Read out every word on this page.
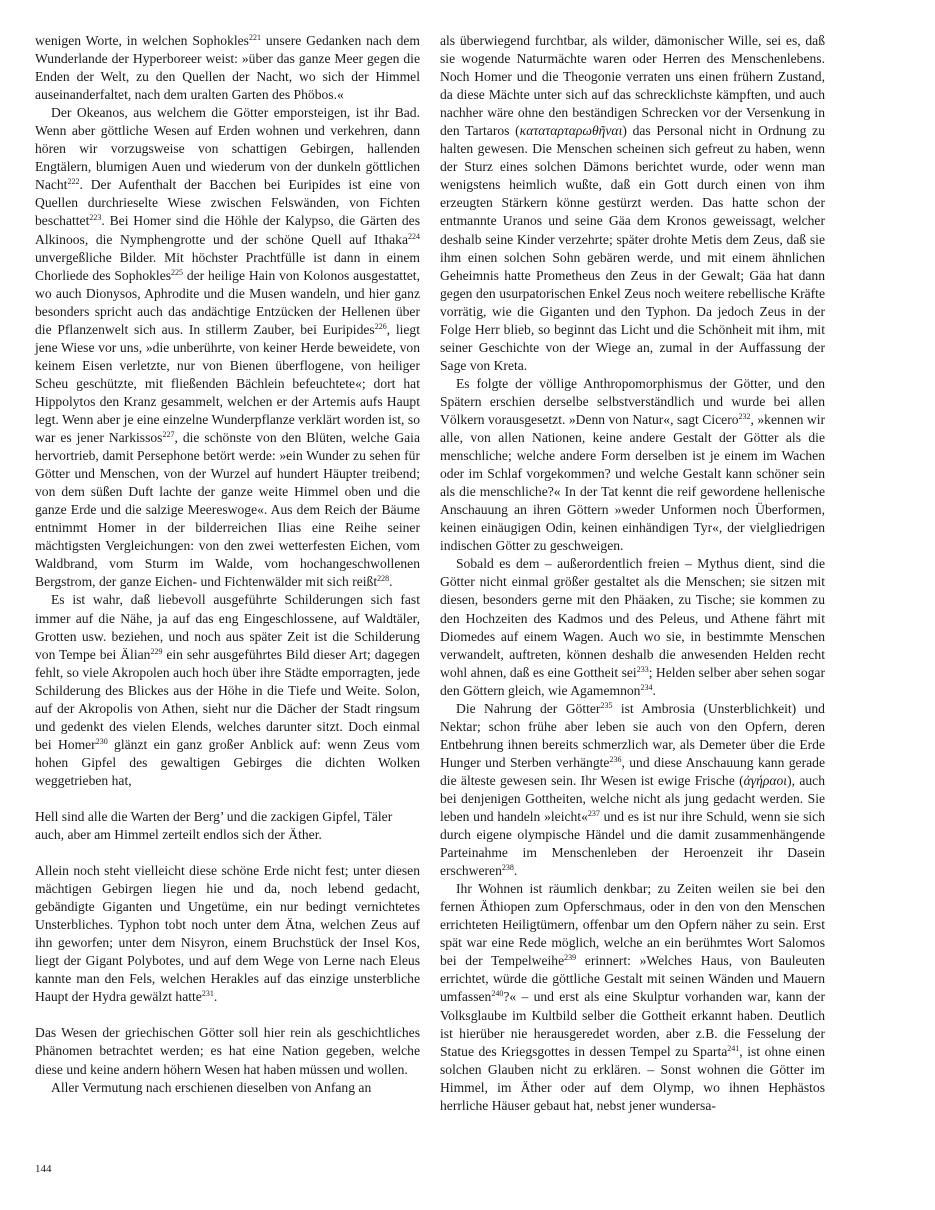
wenigen Worte, in welchen Sophokles$^{221}$ unsere Gedanken nach dem Wunderlande der Hyperboreer weist: »über das ganze Meer gegen die Enden der Welt, zu den Quellen der Nacht, wo sich der Himmel auseinanderfaltet, nach dem uralten Garten des Phöbos.«

Der Okeanos, aus welchem die Götter emporsteigen, ist ihr Bad. Wenn aber göttliche Wesen auf Erden wohnen und verkehren, dann hören wir vorzugsweise von schattigen Gebirgen, hallenden Engtälern, blumigen Auen und wiederum von der dunkeln göttlichen Nacht$^{222}$. Der Aufenthalt der Bacchen bei Euripides ist eine von Quellen durchrieselte Wiese zwischen Felswänden, von Fichten beschattet$^{223}$. Bei Homer sind die Höhle der Kalypso, die Gärten des Alkinoos, die Nymphengrotte und der schöne Quell auf Ithaka$^{224}$ unvergeßliche Bilder. Mit höchster Prachtfülle ist dann in einem Chorliede des Sophokles$^{225}$ der heilige Hain von Kolonos ausgestattet, wo auch Dionysos, Aphrodite und die Musen wandeln, und hier ganz besonders spricht auch das andächtige Entzücken der Hellenen über die Pflanzenwelt sich aus. In stillerm Zauber, bei Euripides$^{226}$, liegt jene Wiese vor uns, »die unberührte, von keiner Herde beweidete, von keinem Eisen verletzte, nur von Bienen überflogene, von heiliger Scheu geschützte, mit fließenden Bächlein befeuchtete«; dort hat Hippolytos den Kranz gesammelt, welchen er der Artemis aufs Haupt legt. Wenn aber je eine einzelne Wunderpflanze verklärt worden ist, so war es jener Narkissos$^{227}$, die schönste von den Blüten, welche Gaia hervortrieb, damit Persephone betört werde: »ein Wunder zu sehen für Götter und Menschen, von der Wurzel auf hundert Häupter treibend; von dem süßen Duft lachte der ganze weite Himmel oben und die ganze Erde und die salzige Meereswoge«. Aus dem Reich der Bäume entnimmt Homer in der bilderreichen Ilias eine Reihe seiner mächtigsten Vergleichungen: von den zwei wetterfesten Eichen, vom Waldbrand, vom Sturm im Walde, vom hochangeschwollenen Bergstrom, der ganze Eichen- und Fichtenwälder mit sich reißt$^{228}$.

Es ist wahr, daß liebevoll ausgeführte Schilderungen sich fast immer auf die Nähe, ja auf das eng Eingeschlossene, auf Waldtäler, Grotten usw. beziehen, und noch aus später Zeit ist die Schilderung von Tempe bei Älian$^{229}$ ein sehr ausgeführtes Bild dieser Art; dagegen fehlt, so viele Akropolen auch hoch über ihre Städte emporragten, jede Schilderung des Blickes aus der Höhe in die Tiefe und Weite. Solon, auf der Akropolis von Athen, sieht nur die Dächer der Stadt ringsum und gedenkt des vielen Elends, welches darunter sitzt. Doch einmal bei Homer$^{230}$ glänzt ein ganz großer Anblick auf: wenn Zeus vom hohen Gipfel des gewaltigen Gebirges die dichten Wolken weggetrieben hat,

Hell sind alle die Warten der Berg’ und die zackigen Gipfel, Täler auch, aber am Himmel zerteilt endlos sich der Äther.

Allein noch steht vielleicht diese schöne Erde nicht fest; unter diesen mächtigen Gebirgen liegen hie und da, noch lebend gedacht, gebändigte Giganten und Ungetüme, ein nur bedingt vernichtetes Unsterbliches. Typhon tobt noch unter dem Ätna, welchen Zeus auf ihn geworfen; unter dem Nisyron, einem Bruchstück der Insel Kos, liegt der Gigant Polybotes, und auf dem Wege von Lerne nach Eleus kannte man den Fels, welchen Herakles auf das einzige unsterbliche Haupt der Hydra gewälzt hatte$^{231}$.

Das Wesen der griechischen Götter soll hier rein als geschichtliches Phänomen betrachtet werden; es hat eine Nation gegeben, welche diese und keine andern höhern Wesen hat haben müssen und wollen.

Aller Vermutung nach erschienen dieselben von Anfang an

als überwiegend furchtbar, als wilder, dämonischer Wille, sei es, daß sie wogende Naturmächte waren oder Herren des Menschenlebens. Noch Homer und die Theogonie verraten uns einen frühern Zustand, da diese Mächte unter sich auf das schrecklichste kämpften, und auch nachher wäre ohne den beständigen Schrecken vor der Versenkung in den Tartaros (καταταρταρωθῆναι) das Personal nicht in Ordnung zu halten gewesen. Die Menschen scheinen sich gefreut zu haben, wenn der Sturz eines solchen Dämons berichtet wurde, oder wenn man wenigstens heimlich wußte, daß ein Gott durch einen von ihm erzeugten Stärkern könne gestürzt werden. Das hatte schon der entmannte Uranos und seine Gäa dem Kronos geweissagt, welcher deshalb seine Kinder verzehrte; später drohte Metis dem Zeus, daß sie ihm einen solchen Sohn gebären werde, und mit einem ähnlichen Geheimnis hatte Prometheus den Zeus in der Gewalt; Gäa hat dann gegen den usurpatorischen Enkel Zeus noch weitere rebellische Kräfte vorrätig, wie die Giganten und den Typhon. Da jedoch Zeus in der Folge Herr blieb, so beginnt das Licht und die Schönheit mit ihm, mit seiner Geschichte von der Wiege an, zumal in der Auffassung der Sage von Kreta.

Es folgte der völlige Anthropomorphismus der Götter, und den Spätern erschien derselbe selbstverständlich und wurde bei allen Völkern vorausgesetzt. »Denn von Natur«, sagt Cicero$^{232}$, »kennen wir alle, von allen Nationen, keine andere Gestalt der Götter als die menschliche; welche andere Form derselben ist je einem im Wachen oder im Schlaf vorgekommen? und welche Gestalt kann schöner sein als die menschliche?« In der Tat kennt die reif gewordene hellenische Anschauung an ihren Göttern »weder Unformen noch Überformen, keinen einäugigen Odin, keinen einhändigen Tyr«, der vielgliedrigen indischen Götter zu geschweigen.

Sobald es dem – außerordentlich freien – Mythus dient, sind die Götter nicht einmal größer gestaltet als die Menschen; sie sitzen mit diesen, besonders gerne mit den Phäaken, zu Tische; sie kommen zu den Hochzeiten des Kadmos und des Peleus, und Athene fährt mit Diomedes auf einem Wagen. Auch wo sie, in bestimmte Menschen verwandelt, auftreten, können deshalb die anwesenden Helden recht wohl ahnen, daß es eine Gottheit sei$^{233}$; Helden selber aber sehen sogar den Göttern gleich, wie Agamemnon$^{234}$.

Die Nahrung der Götter$^{235}$ ist Ambrosia (Unsterblichkeit) und Nektar; schon frühe aber leben sie auch von den Opfern, deren Entbehrung ihnen bereits schmerzlich war, als Demeter über die Erde Hunger und Sterben verhängte$^{236}$, und diese Anschauung kann gerade die älteste gewesen sein. Ihr Wesen ist ewige Frische (ἀγήραοι), auch bei denjenigen Gottheiten, welche nicht als jung gedacht werden. Sie leben und handeln »leicht«$^{237}$ und es ist nur ihre Schuld, wenn sie sich durch eigene olympische Händel und die damit zusammenhängende Parteinahme im Menschenleben der Heroenzeit ihr Dasein erschweren$^{238}$.

Ihr Wohnen ist räumlich denkbar; zu Zeiten weilen sie bei den fernen Äthiopen zum Opferschmaus, oder in den von den Menschen errichteten Heiligtümern, offenbar um den Opfern näher zu sein. Erst spät war eine Rede möglich, welche an ein berühmtes Wort Salomos bei der Tempelweihe$^{239}$ erinnert: »Welches Haus, von Bauleuten errichtet, würde die göttliche Gestalt mit seinen Wänden und Mauern umfassen$^{240}$?« – und erst als eine Skulptur vorhanden war, kann der Volksglaube im Kultbild selber die Gottheit erkannt haben. Deutlich ist hierüber nie herausgeredet worden, aber z.B. die Fesselung der Statue des Kriegsgottes in dessen Tempel zu Sparta$^{241}$, ist ohne einen solchen Glauben nicht zu erklären. – Sonst wohnen die Götter im Himmel, im Äther oder auf dem Olymp, wo ihnen Hephästos herrliche Häuser gebaut hat, nebst jener wundersa-

144
